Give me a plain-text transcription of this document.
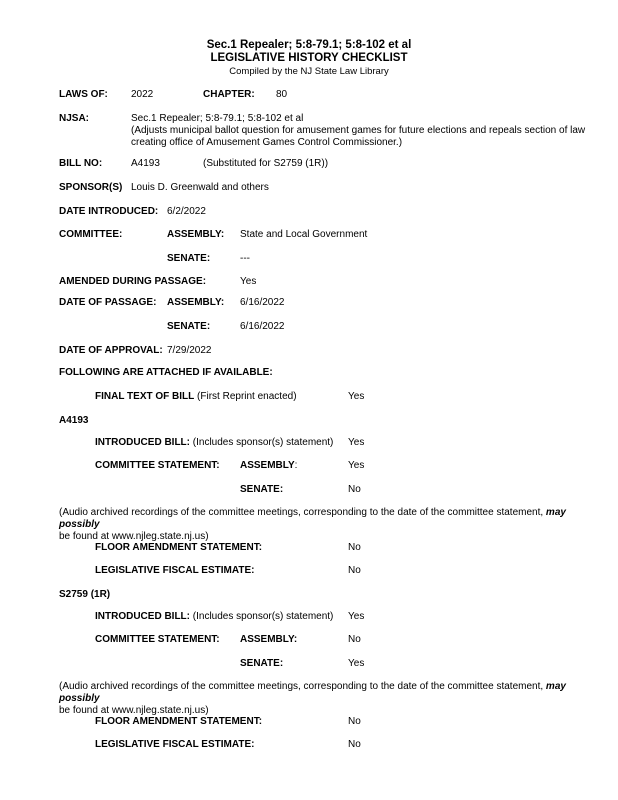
Sec.1 Repealer; 5:8-79.1; 5:8-102 et al
LEGISLATIVE HISTORY CHECKLIST
Compiled by the NJ State Law Library
LAWS OF: 2022	CHAPTER: 80
NJSA:	Sec.1 Repealer; 5:8-79.1; 5:8-102 et al
(Adjusts municipal ballot question for amusement games for future elections and repeals section of law
creating office of Amusement Games Control Commissioner.)
BILL NO:	A4193	(Substituted for S2759 (1R))
SPONSOR(S) Louis D. Greenwald and others
DATE INTRODUCED: 6/2/2022
COMMITTEE:	ASSEMBLY: State and Local Government
SENATE:	---
AMENDED DURING PASSAGE:	Yes
DATE OF PASSAGE: ASSEMBLY: 6/16/2022
SENATE:	6/16/2022
DATE OF APPROVAL: 7/29/2022
FOLLOWING ARE ATTACHED IF AVAILABLE:
FINAL TEXT OF BILL (First Reprint enacted)	Yes
A4193
INTRODUCED BILL: (Includes sponsor(s) statement) Yes
COMMITTEE STATEMENT: ASSEMBLY:	Yes
SENATE:	No
(Audio archived recordings of the committee meetings, corresponding to the date of the committee statement, may possibly
be found at www.njleg.state.nj.us)
FLOOR AMENDMENT STATEMENT:	No
LEGISLATIVE FISCAL ESTIMATE:	No
S2759 (1R)
INTRODUCED BILL: (Includes sponsor(s) statement) Yes
COMMITTEE STATEMENT: ASSEMBLY:	No
SENATE:	Yes
(Audio archived recordings of the committee meetings, corresponding to the date of the committee statement, may possibly
be found at www.njleg.state.nj.us)
FLOOR AMENDMENT STATEMENT:	No
LEGISLATIVE FISCAL ESTIMATE:	No
